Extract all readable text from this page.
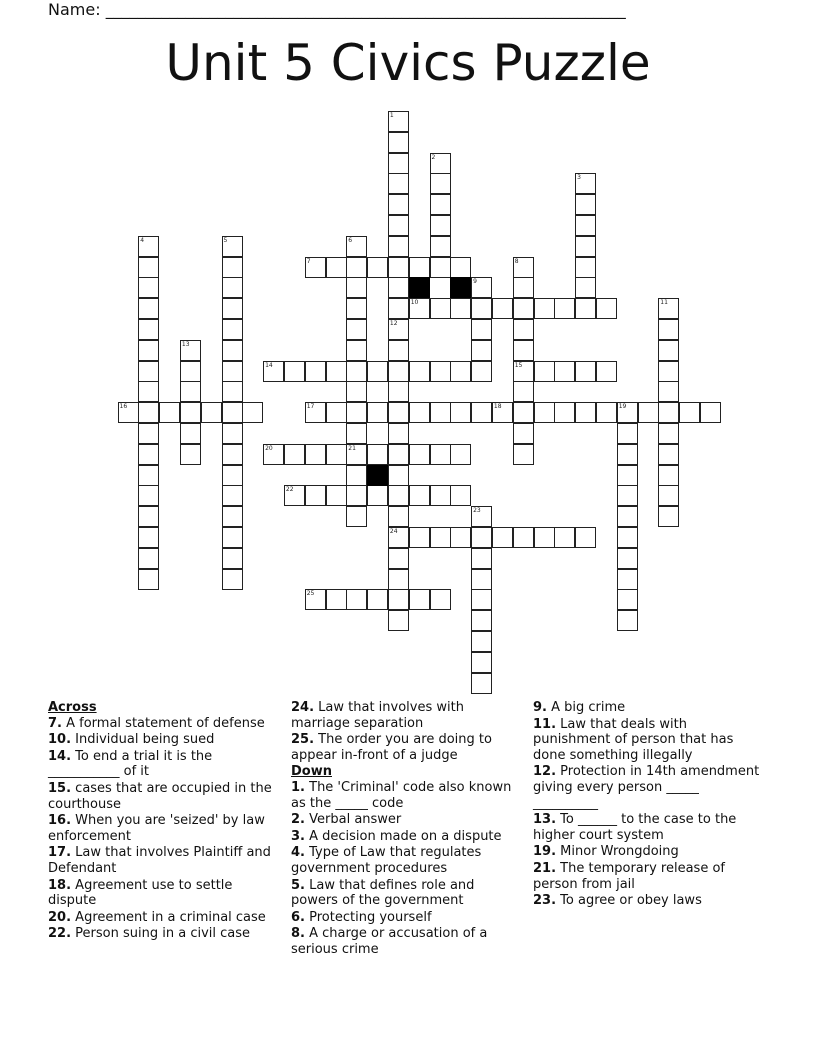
Name: _________________________________________________________________
Unit 5 Civics Puzzle
1
2
3
4	5	6
7	8
9
10	11
12
13
14	15
16	17	18	19
20	21
22
23
24
25
Across
7. A formal statement of defense
10. Individual being sued
14. To end a trial it is the ___________ of it
15. cases that are occupied in the courthouse
16. When you are 'seized' by law enforcement
17. Law that involves Plaintiff and Defendant
18. Agreement use to settle dispute
20. Agreement in a criminal case
22. Person suing in a civil case
24. Law that involves with marriage separation
25. The order you are doing to appear in-front of a judge
Down
1. The 'Criminal' code also known as the _____ code
2. Verbal answer
3. A decision made on a dispute
4. Type of Law that regulates government procedures
5. Law that defines role and powers of the government
6. Protecting yourself
8. A charge or accusation of a serious crime
9. A big crime
11. Law that deals with punishment of person that has done something illegally
12. Protection in 14th amendment giving every person _____ __________
13. To ______ to the case to the higher court system
19. Minor Wrongdoing
21. The temporary release of person from jail
23. To agree or obey laws
